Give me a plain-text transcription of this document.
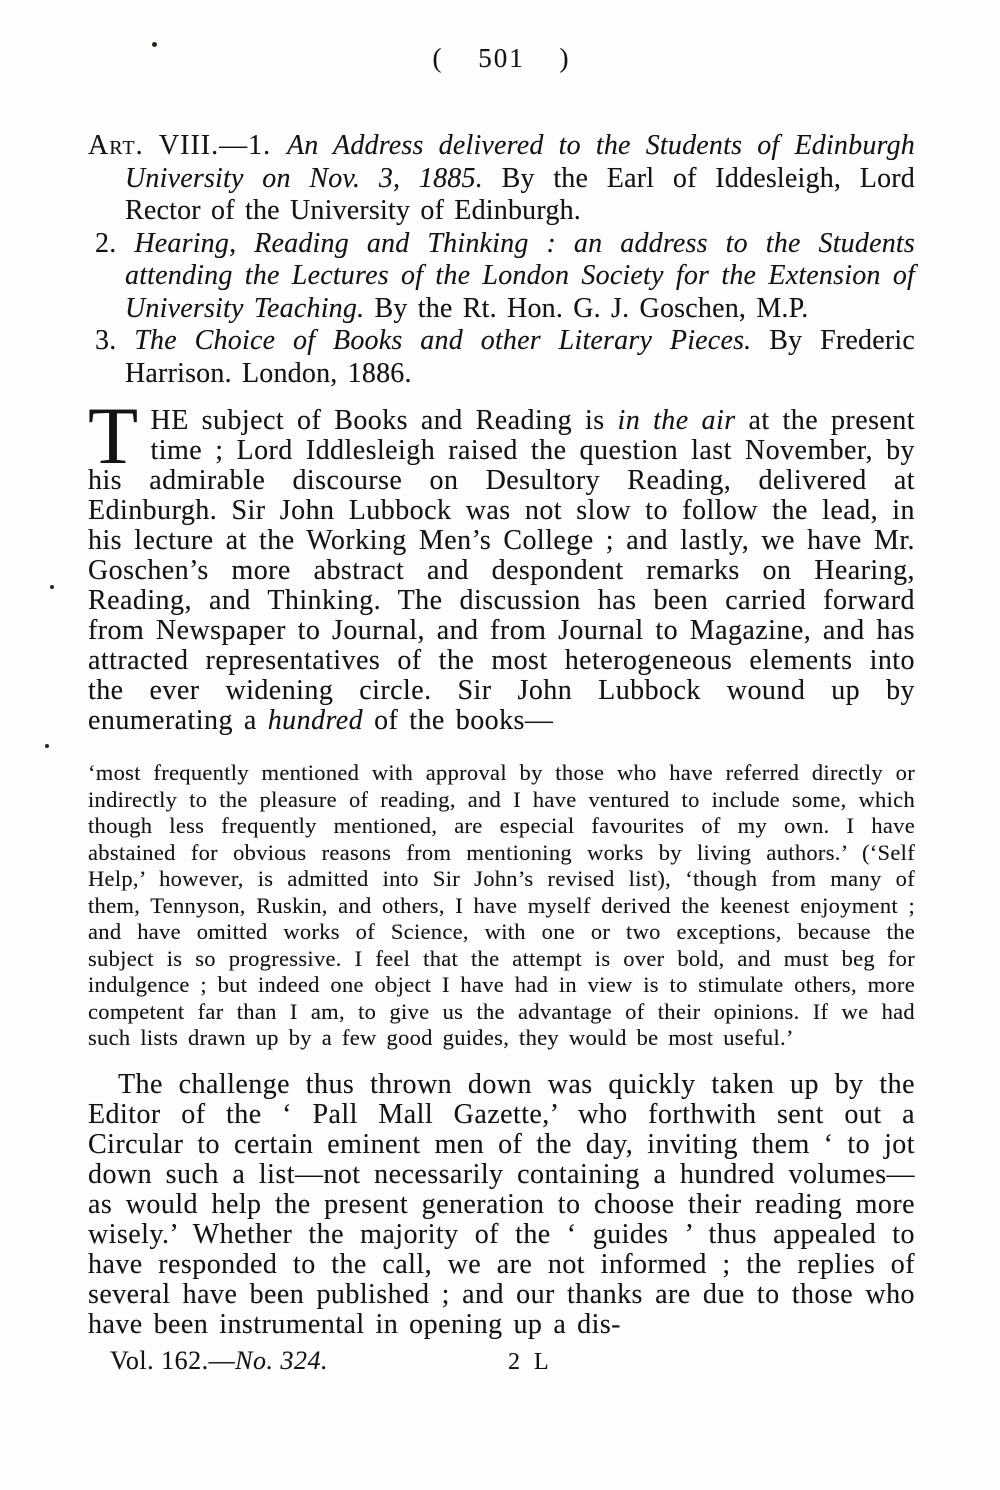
( 501 )

Art. VIII.—1. An Address delivered to the Students of Edinburgh University on Nov. 3, 1885. By the Earl of Iddesleigh, Lord Rector of the University of Edinburgh.

2. Hearing, Reading and Thinking : an address to the Students attending the Lectures of the London Society for the Extension of University Teaching. By the Rt. Hon. G. J. Goschen, M.P.

3. The Choice of Books and other Literary Pieces. By Frederic Harrison. London, 1886.

THE subject of Books and Reading is in the air at the present time ; Lord Iddlesleigh raised the question last November, by his admirable discourse on Desultory Reading, delivered at Edinburgh. Sir John Lubbock was not slow to follow the lead, in his lecture at the Working Men’s College ; and lastly, we have Mr. Goschen’s more abstract and despondent remarks on Hearing, Reading, and Thinking. The discussion has been carried forward from Newspaper to Journal, and from Journal to Magazine, and has attracted representatives of the most heterogeneous elements into the ever widening circle. Sir John Lubbock wound up by enumerating a hundred of the books—

‘most frequently mentioned with approval by those who have referred directly or indirectly to the pleasure of reading, and I have ventured to include some, which though less frequently mentioned, are especial favourites of my own. I have abstained for obvious reasons from mentioning works by living authors.’ (‘Self Help,’ however, is admitted into Sir John’s revised list), ‘though from many of them, Tennyson, Ruskin, and others, I have myself derived the keenest enjoyment ; and have omitted works of Science, with one or two exceptions, because the subject is so progressive. I feel that the attempt is over bold, and must beg for indulgence ; but indeed one object I have had in view is to stimulate others, more competent far than I am, to give us the advantage of their opinions. If we had such lists drawn up by a few good guides, they would be most useful.’

The challenge thus thrown down was quickly taken up by the Editor of the ‘ Pall Mall Gazette,’ who forthwith sent out a Circular to certain eminent men of the day, inviting them ‘ to jot down such a list—not necessarily containing a hundred volumes—as would help the present generation to choose their reading more wisely.’ Whether the majority of the ‘ guides ’ thus appealed to have responded to the call, we are not informed ; the replies of several have been published ; and our thanks are due to those who have been instrumental in opening up a dis-

Vol. 162.—No. 324.	2 L
